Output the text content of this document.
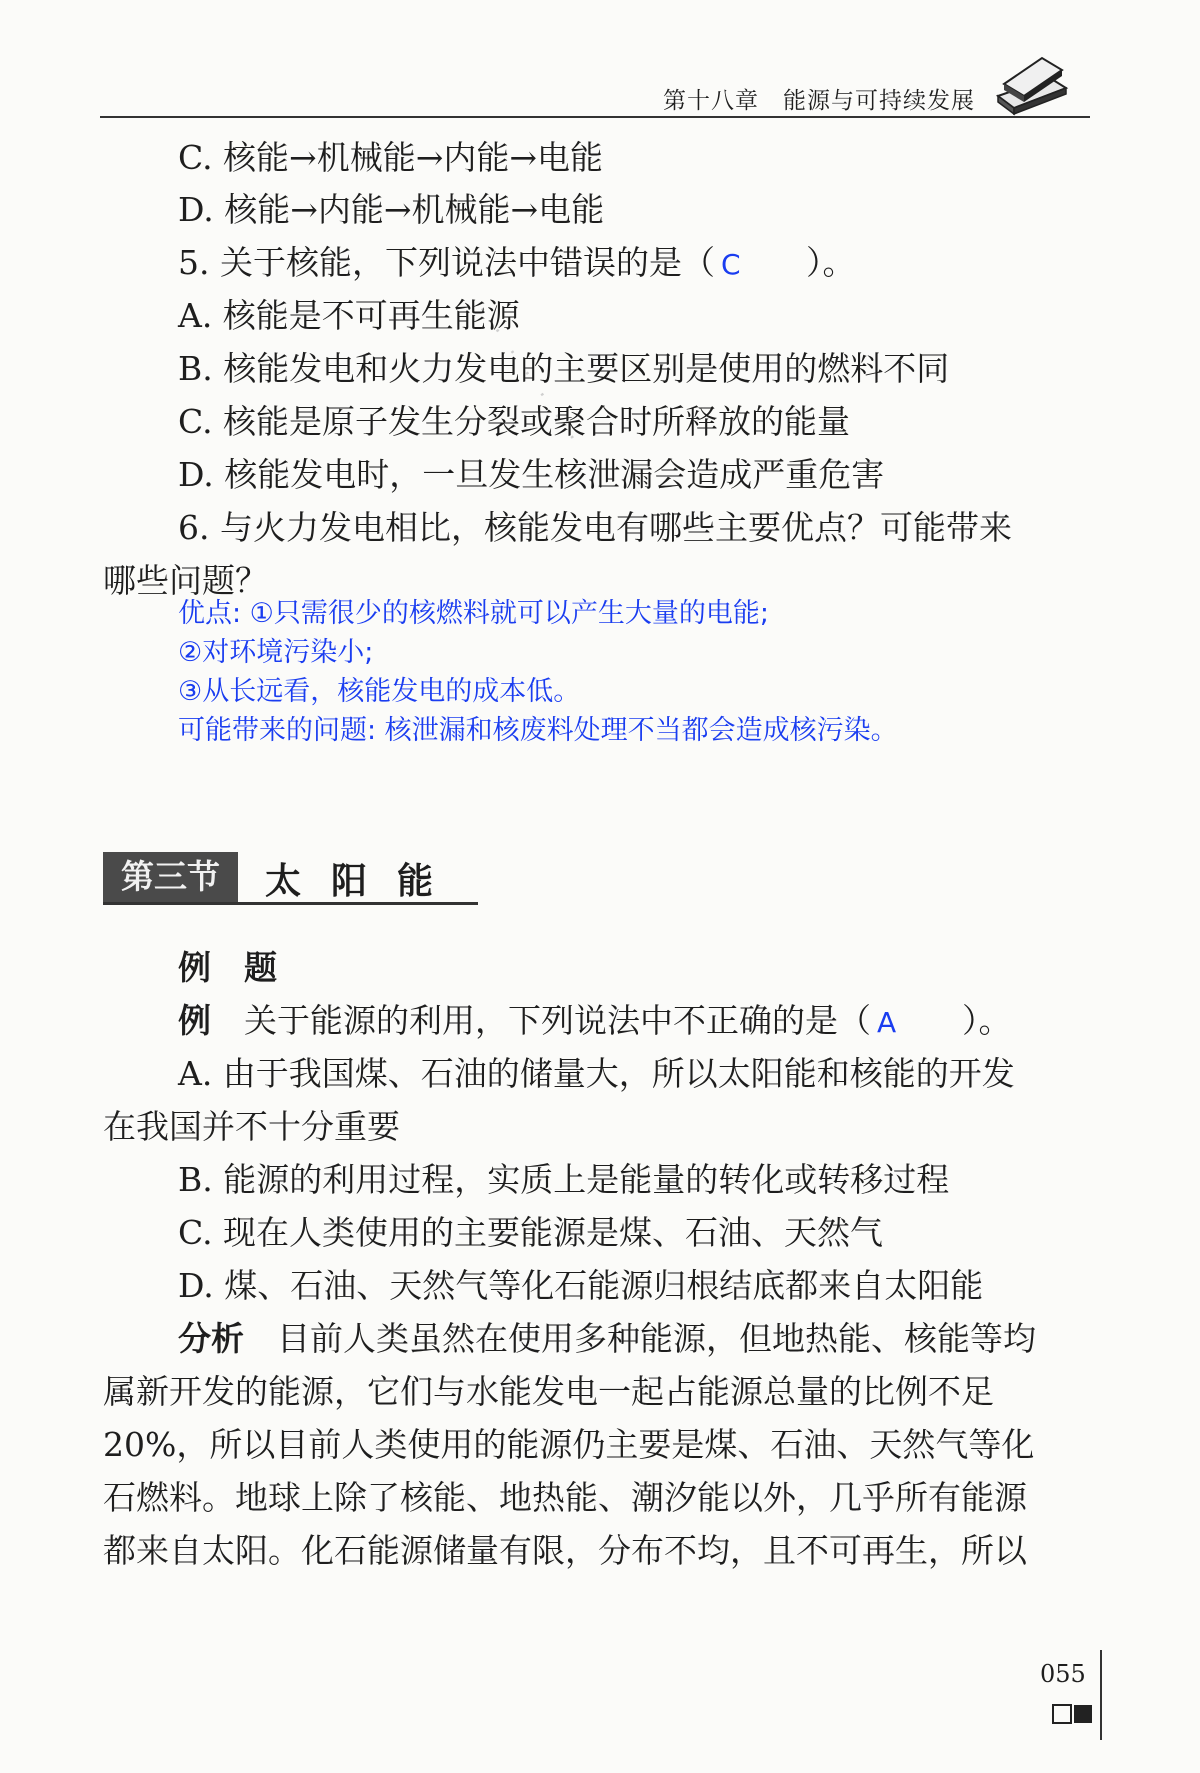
第十八章　能源与可持续发展
· · · · · · ·
C. 核能→机械能→内能→电能
D. 核能→内能→机械能→电能
5. 关于核能，下列说法中错误的是（ C ）。
A. 核能是不可再生能源
B. 核能发电和火力发电的主要区别是使用的燃料不同
C. 核能是原子发生分裂或聚合时所释放的能量
D. 核能发电时，一旦发生核泄漏会造成严重危害
6. 与火力发电相比，核能发电有哪些主要优点？可能带来
哪些问题？
优点: ①只需很少的核燃料就可以产生大量的电能;
②对环境污染小;
③从长远看，核能发电的成本低。
可能带来的问题: 核泄漏和核废料处理不当都会造成核污染。
第三节	太阳能
例　题
例　 关于能源的利用，下列说法中不正确的是（ A ）。
A. 由于我国煤、石油的储量大，所以太阳能和核能的开发
在我国并不十分重要
B. 能源的利用过程，实质上是能量的转化或转移过程
C. 现在人类使用的主要能源是煤、石油、天然气
D. 煤、石油、天然气等化石能源归根结底都来自太阳能
分析　 目前人类虽然在使用多种能源，但地热能、核能等均
属新开发的能源，它们与水能发电一起占能源总量的比例不足
20%，所以目前人类使用的能源仍主要是煤、石油、天然气等化
石燃料。地球上除了核能、地热能、潮汐能以外，几乎所有能源
都来自太阳。化石能源储量有限，分布不均，且不可再生，所以
055
